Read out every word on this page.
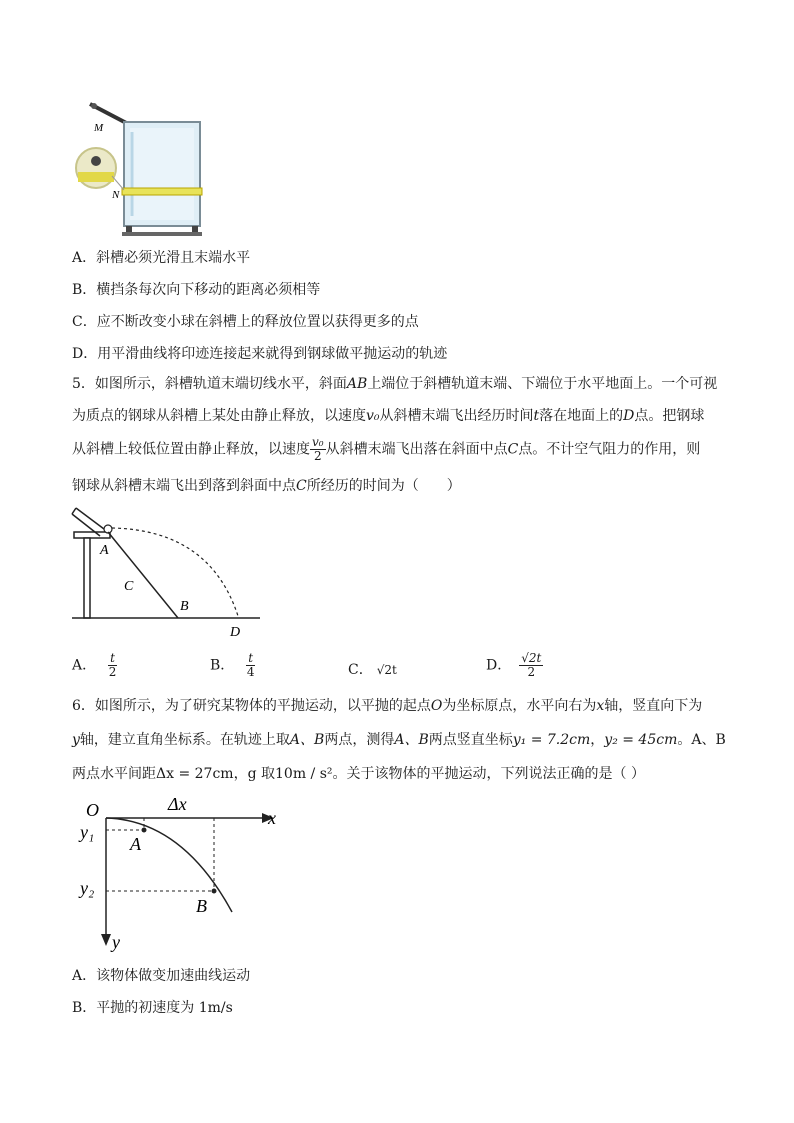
M
N
A．斜槽必须光滑且末端水平
B．横挡条每次向下移动的距离必须相等
C．应不断改变小球在斜槽上的释放位置以获得更多的点
D．用平滑曲线将印迹连接起来就得到钢球做平抛运动的轨迹
5．如图所示，斜槽轨道末端切线水平，斜面AB上端位于斜槽轨道末端、下端位于水平地面上。一个可视
为质点的钢球从斜槽上某处由静止释放，以速度v₀从斜槽末端飞出经历时间t落在地面上的D点。把钢球
从斜槽上较低位置由静止释放，以速度 $\frac{\text{v₀}}{2}$ 从斜槽末端飞出落在斜面中点C点。不计空气阻力的作用，则
钢球从斜槽末端飞出到落到斜面中点C所经历的时间为（　　）
A
C
B
D
A． $\frac{t}{2}$	B． $\frac{t}{4}$	C． √2t	D． $\frac{√2t}{2}$
6．如图所示，为了研究某物体的平抛运动，以平抛的起点O为坐标原点，水平向右为x轴，竖直向下为
y轴，建立直角坐标系。在轨迹上取A、B两点，测得A、B两点竖直坐标y₁ = 7.2cm，y₂ = 45cm。A、B
两点水平间距Δx = 27cm，g 取10m / s²。关于该物体的平抛运动，下列说法正确的是（ ）
O	Δx
x
y
y₁
y₂
A
B
A．该物体做变加速曲线运动
B．平抛的初速度为 1m/s
